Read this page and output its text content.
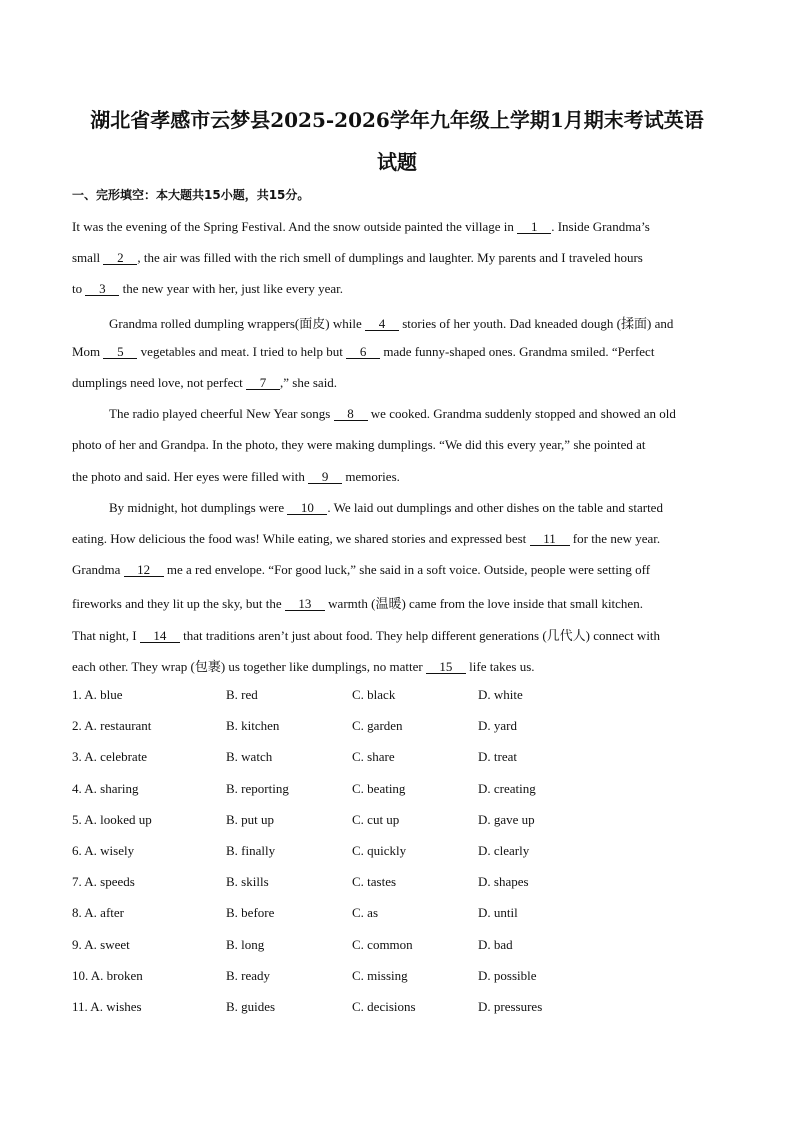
湖北省孝感市云梦县2025-2026学年九年级上学期1月期末考试英语
试题
一、完形填空：本大题共15小题，共15分。
It was the evening of the Spring Festival. And the snow outside painted the village in 1 . Inside Grandma’s
small 2 , the air was filled with the rich smell of dumplings and laughter. My parents and I traveled hours
to 3 the new year with her, just like every year.
Grandma rolled dumpling wrappers(面皮) while 4 stories of her youth. Dad kneaded dough (揉面) and
Mom 5 vegetables and meat. I tried to help but 6 made funny-shaped ones. Grandma smiled. “Perfect
dumplings need love, not perfect 7 ,” she said.
The radio played cheerful New Year songs 8 we cooked. Grandma suddenly stopped and showed an old
photo of her and Grandpa. In the photo, they were making dumplings. “We did this every year,” she pointed at
the photo and said. Her eyes were filled with 9 memories.
By midnight, hot dumplings were 10 . We laid out dumplings and other dishes on the table and started
eating. How delicious the food was! While eating, we shared stories and expressed best 11 for the new year.
Grandma 12 me a red envelope. “For good luck,” she said in a soft voice. Outside, people were setting off
fireworks and they lit up the sky, but the 13 warmth (温暖) came from the love inside that small kitchen.
That night, I 14 that traditions aren’t just about food. They help different generations (几代人) connect with
each other. They wrap (包裹) us together like dumplings, no matter 15 life takes us.
1. A. blue	B. red	C. black	D. white
2. A. restaurant	B. kitchen	C. garden	D. yard
3. A. celebrate	B. watch	C. share	D. treat
4. A. sharing	B. reporting	C. beating	D. creating
5. A. looked up	B. put up	C. cut up	D. gave up
6. A. wisely	B. finally	C. quickly	D. clearly
7. A. speeds	B. skills	C. tastes	D. shapes
8. A. after	B. before	C. as	D. until
9. A. sweet	B. long	C. common	D. bad
10. A. broken	B. ready	C. missing	D. possible
11. A. wishes	B. guides	C. decisions	D. pressures
